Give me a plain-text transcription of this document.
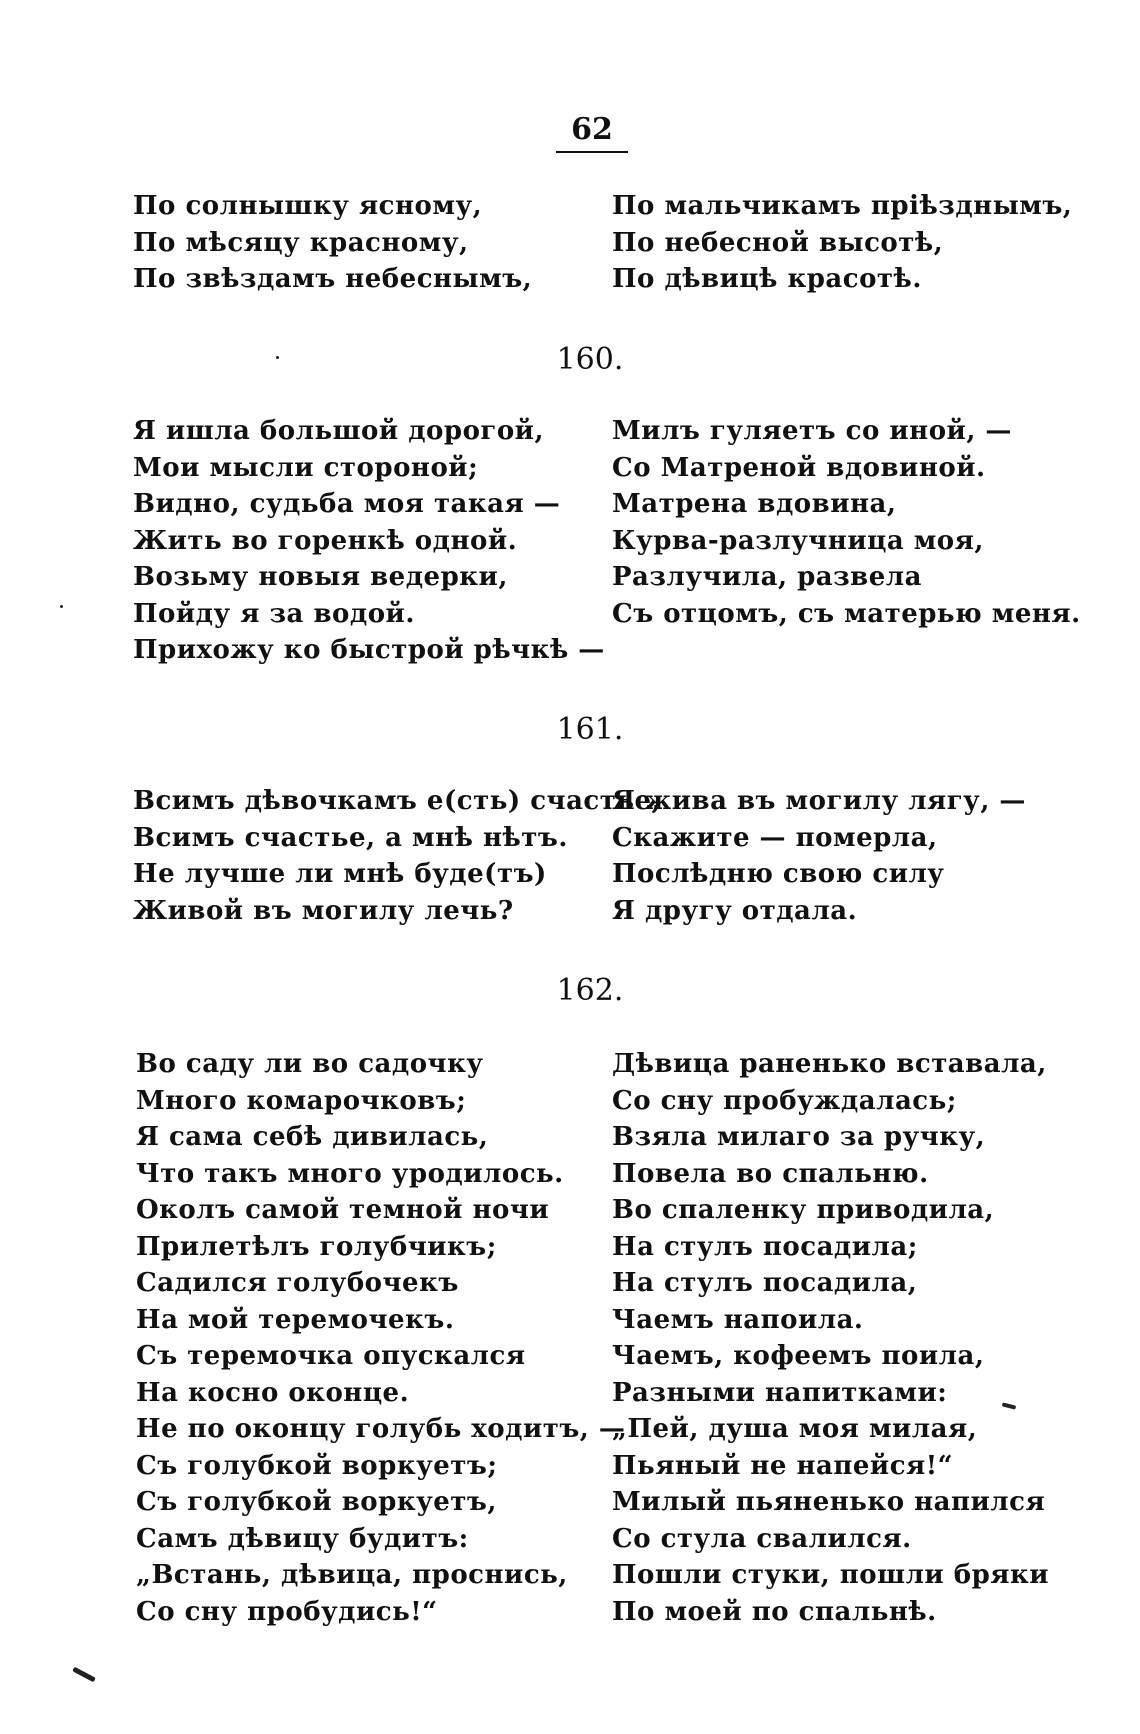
62
По солнышку ясному,
По мѣсяцу красному,
По звѣздамъ небеснымъ,
По мальчикамъ прiѣзднымъ,
По небесной высотѣ,
По дѣвицѣ красотѣ.
160.
Я ишла большой дорогой,
Мои мысли стороной;
Видно, судьба моя такая —
Жить во горенкѣ одной.
Возьму новыя ведерки,
Пойду я за водой.
Прихожу ко быстрой рѣчкѣ —
Милъ гуляетъ со иной, —
Со Матреной вдовиной.
Матрена вдовина,
Курва-разлучница моя,
Разлучила, развела
Съ отцомъ, съ матерью меня.
161.
Всимъ дѣвочкамъ е(сть) счастье,
Всимъ счастье, а мнѣ нѣтъ.
Не лучше ли мнѣ буде(тъ)
Живой въ могилу лечь?
Я жива въ могилу лягу, —
Скажите — померла,
Послѣдню свою силу
Я другу отдала.
162.
Во саду ли во садочку
Много комарочковъ;
Я сама себѣ дивилась,
Что такъ много уродилось.
Околъ самой темной ночи
Прилетѣлъ голубчикъ;
Садился голубочекъ
На мой теремочекъ.
Съ теремочка опускался
На косно оконце.
Не по оконцу голубь ходитъ, —
Съ голубкой воркуетъ;
Съ голубкой воркуетъ,
Самъ дѣвицу будитъ:
„Встань, дѣвица, проснись,
Со сну пробудись!“
Дѣвица раненько вставала,
Со сну пробуждалась;
Взяла милаго за ручку,
Повела во спальню.
Во спаленку приводила,
На стулъ посадила;
На стулъ посадила,
Чаемъ напоила.
Чаемъ, кофеемъ поила,
Разными напитками:
„Пей, душа моя милая,
Пьяный не напейся!“
Милый пьяненько напился
Со стула свалился.
Пошли стуки, пошли бряки
По моей по спальнѣ.
